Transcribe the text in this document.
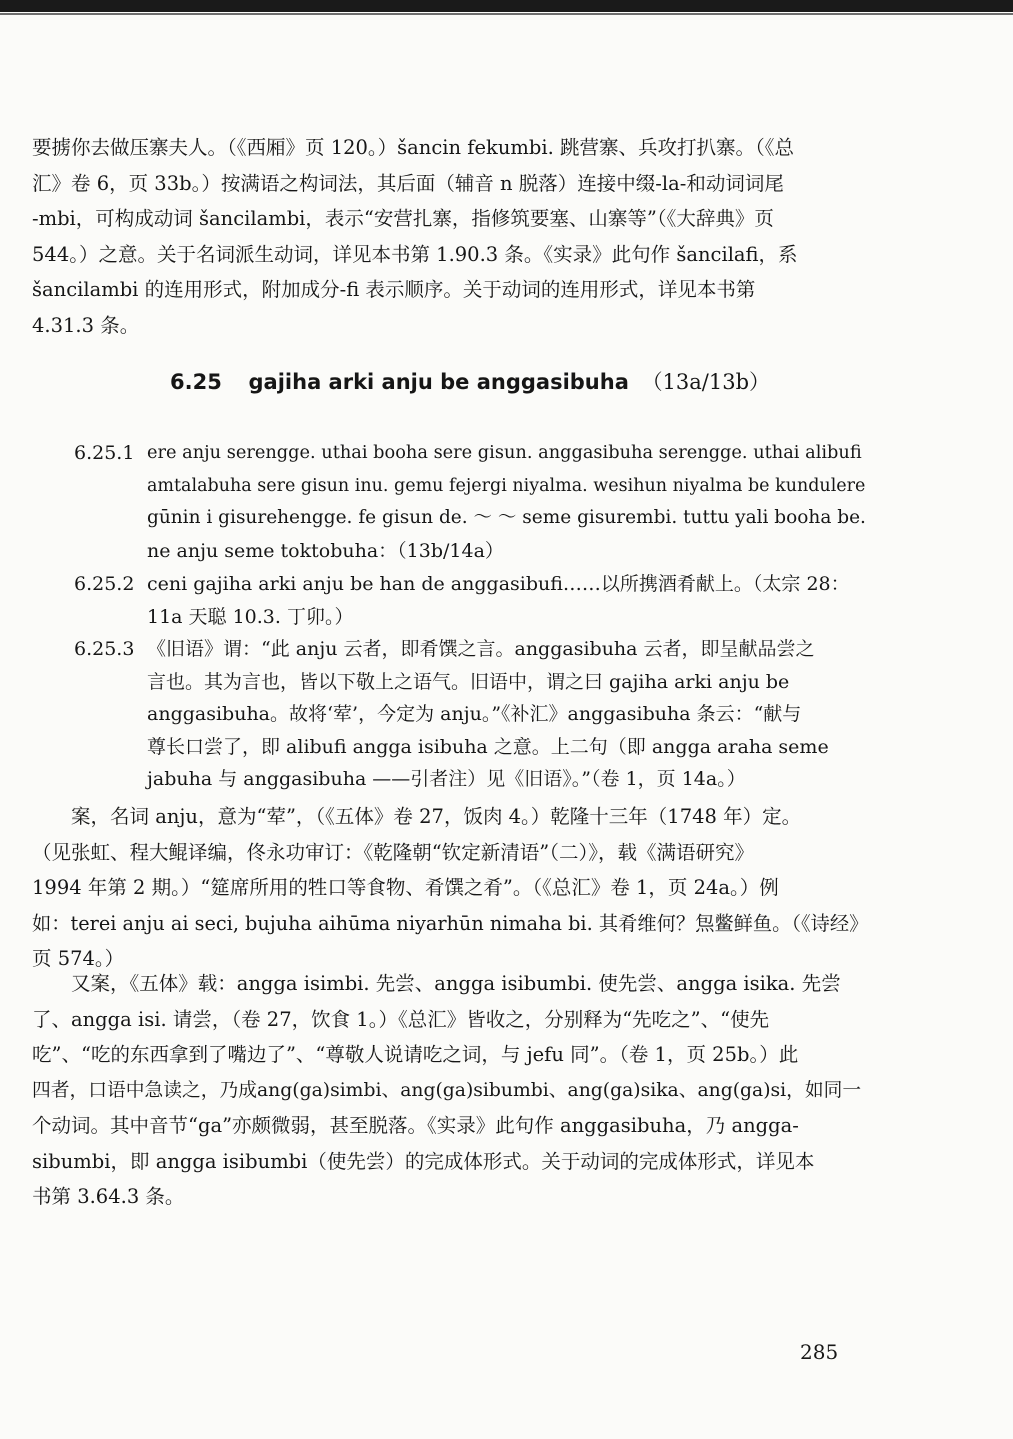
要掳你去做压寨夫人。（《西厢》页 120。）šancin fekumbi. 跳营寨、兵攻打扒寨。（《总
汇》卷 6，页 33b。）按满语之构词法，其后面（辅音 n 脱落）连接中缀-la-和动词词尾
-mbi，可构成动词 šancilambi，表示“安营扎寨，指修筑要塞、山寨等”（《大辞典》页
544。）之意。关于名词派生动词，详见本书第 1.90.3 条。《实录》此句作 šancilafi，系
šancilambi 的连用形式，附加成分-fi 表示顺序。关于动词的连用形式，详见本书第
4.31.3 条。

6.25 gajiha arki anju be anggasibuha （13a/13b）
6.25.1 ere anju serengge. uthai booha sere gisun. anggasibuha serengge. uthai alibufi
amtalabuha sere gisun inu. gemu fejergi niyalma. wesihun niyalma be kundulere
gūnin i gisurehengge. fe gisun de. ～ ～ seme gisurembi. tuttu yali booha be.
ne anju seme toktobuha：（13b/14a）
6.25.2 ceni gajiha arki anju be han de anggasibufi……以所携酒肴献上。（太宗 28：
11a 天聪 10.3. 丁卯。）
6.25.3 《旧语》谓：“此 anju 云者，即肴馔之言。anggasibuha 云者，即呈献品尝之
言也。其为言也，皆以下敬上之语气。旧语中，谓之曰 gajiha arki anju be
anggasibuha。故将‘荤’，今定为 anju。”《补汇》anggasibuha 条云：“献与
尊长口尝了，即 alibufi angga isibuha 之意。上二句（即 angga araha seme
jabuha 与 anggasibuha ——引者注）见《旧语》。”（卷 1，页 14a。）

　　案，名词 anju，意为“荤”，（《五体》卷 27，饭肉 4。）乾隆十三年（1748 年）定。
（见张虹、程大鲲译编，佟永功审订：《乾隆朝“钦定新清语”（二）》，载《满语研究》
1994 年第 2 期。）“筵席所用的牲口等食物、肴馔之肴”。（《总汇》卷 1，页 24a。）例
如：terei anju ai seci, bujuha aihūma niyarhūn nimaha bi. 其肴维何？炰鳖鲜鱼。（《诗经》
页 574。）

　　又案，《五体》载：angga isimbi. 先尝、angga isibumbi. 使先尝、angga isika. 先尝
了、angga isi. 请尝，（卷 27，饮食 1。）《总汇》皆收之，分别释为“先吃之”、“使先
吃”、“吃的东西拿到了嘴边了”、“尊敬人说请吃之词，与 jefu 同”。（卷 1，页 25b。）此
四者，口语中急读之，乃成ang(ga)simbi、ang(ga)sibumbi、ang(ga)sika、ang(ga)si，如同一
个动词。其中音节“ga”亦颇微弱，甚至脱落。《实录》此句作 anggasibuha，乃 angga-
sibumbi，即 angga isibumbi（使先尝）的完成体形式。关于动词的完成体形式，详见本
书第 3.64.3 条。

285
